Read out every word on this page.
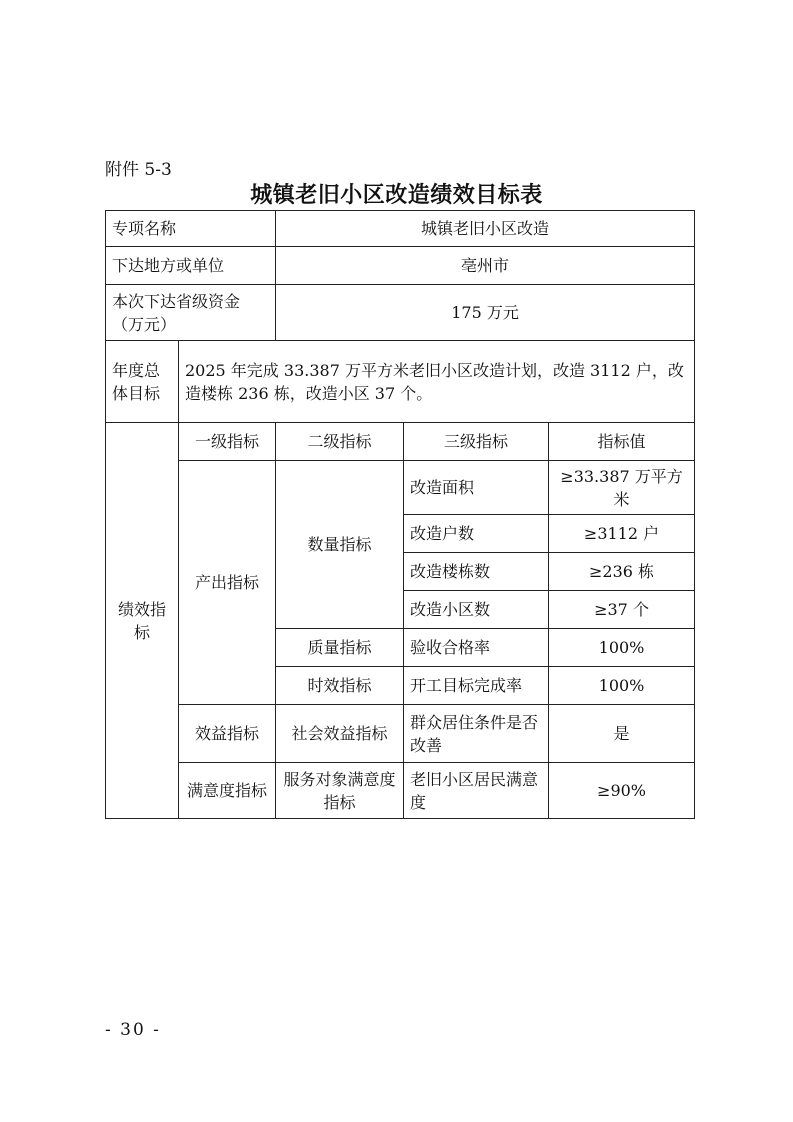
附件 5-3
城镇老旧小区改造绩效目标表
专项名称		城镇老旧小区改造		
下达地方或单位		亳州市		
本次下达省级资金（万元）		175 万元		
年度总体目标	2025 年完成 33.387 万平方米老旧小区改造计划，改造 3112 户，改造楼栋 236 栋，改造小区 37 个。			
绩效指标	一级指标	二级指标	三级指标	指标值
	产出指标	数量指标	改造面积	≥33.387 万平方米
			改造户数	≥3112 户
			改造楼栋数	≥236 栋
			改造小区数	≥37 个
		质量指标	验收合格率	100%
		时效指标	开工目标完成率	100%
	效益指标	社会效益指标	群众居住条件是否改善	是
	满意度指标	服务对象满意度指标	老旧小区居民满意度	≥90%
- 30 -
